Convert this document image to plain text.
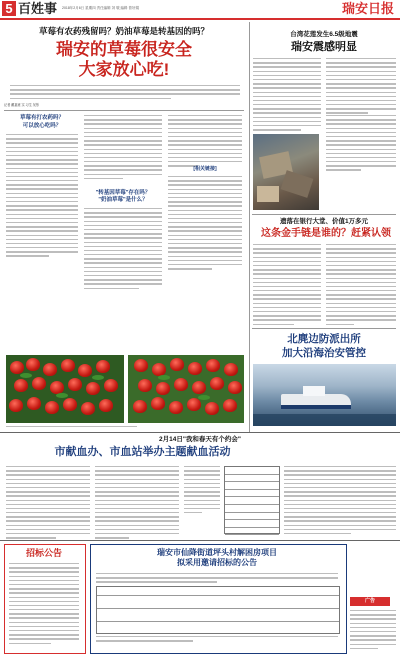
5 百姓事 2018年2月6日 星期四 责任编辑 刘 敬 编辑 曾妤娟	瑞安日报
草莓有农药残留吗？奶油草莓是转基因的吗？
瑞安的草莓很安全
大家放心吃!
记者 戴嘉意 实 习生 吴彤
草莓有打农药吗？
可以放心吃吗？
"转基因草莓"存在吗？
"奶油草莓"是什么？
[相关链接]
台湾花莲发生6.5级地震
瑞安震感明显
遗落在银行大堂、价值1万多元
这条金手链是谁的？赶紧认领
北麂边防派出所
加大沿海治安管控
2月14日"我和春天有个约会"
市献血办、市血站举办主题献血活动
招标公告	瑞安市仙降街道坪头村解困房项目
拟采用邀请招标的公告
广告
